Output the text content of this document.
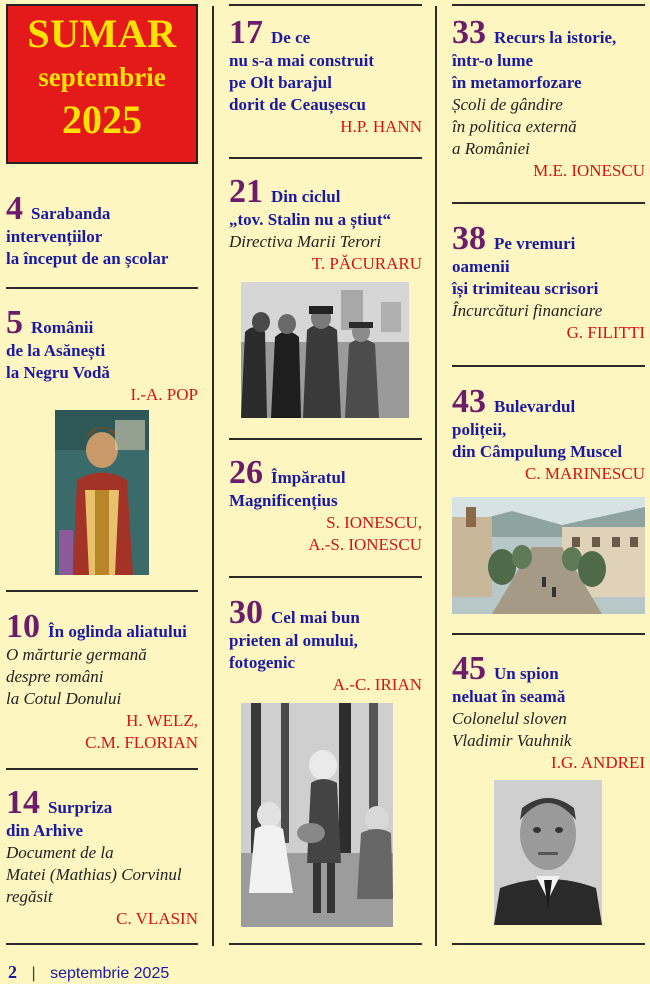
SUMAR
septembrie
2025
4 Sarabanda
intervențiilor
la început de an școlar
5 Românii
de la Asănești
la Negru Vodă
I.-A. POP
10 În oglinda aliatului
O mărturie germană
despre români
la Cotul Donului
H. WELZ,
C.M. FLORIAN
14 Surpriza
din Arhive
Document de la
Matei (Mathias) Corvinul
regăsit
C. VLASIN
17 De ce
nu s-a mai construit
pe Olt barajul
dorit de Ceaușescu
H.P. HANN
21 Din ciclul
„tov. Stalin nu a știut“
Directiva Marii Terori
T. PĂCURARU
26 Împăratul
Magnificențius
S. IONESCU,
A.-S. IONESCU
30 Cel mai bun
prieten al omului,
fotogenic
A.-C. IRIAN
33 Recurs la istorie,
într-o lume
în metamorfozare
Școli de gândire
în politica externă
a României
M.E. IONESCU
38 Pe vremuri
oamenii
își trimiteau scrisori
Încurcături financiare
G. FILITTI
43 Bulevardul
polițeii,
din Câmpulung Muscel
C. MARINESCU
45 Un spion
neluat în seamă
Colonelul sloven
Vladimir Vauhnik
I.G. ANDREI
2 | septembrie 2025
